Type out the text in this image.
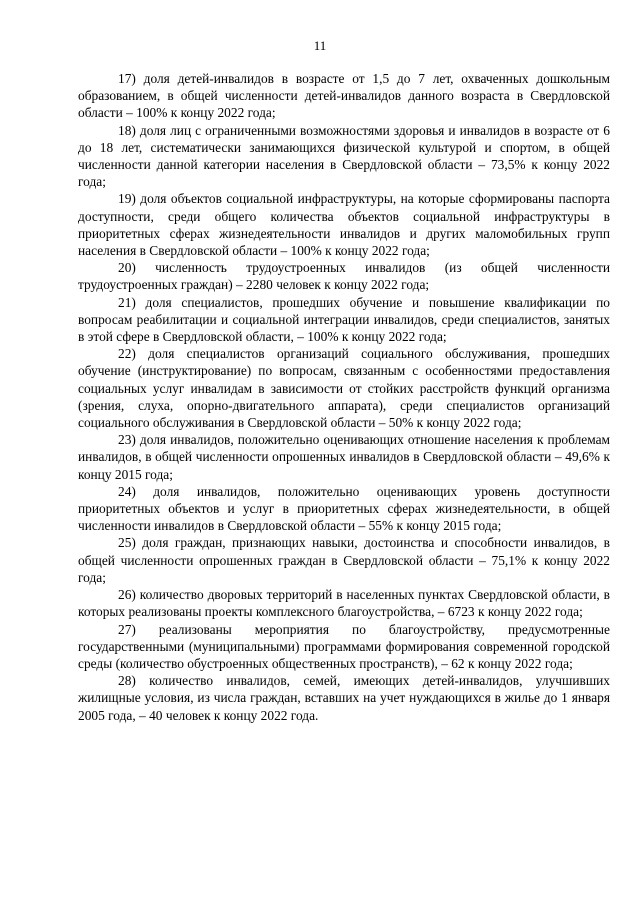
11

17) доля детей-инвалидов в возрасте от 1,5 до 7 лет, охваченных дошкольным образованием, в общей численности детей-инвалидов данного возраста в Свердловской области – 100% к концу 2022 года;

18) доля лиц с ограниченными возможностями здоровья и инвалидов в возрасте от 6 до 18 лет, систематически занимающихся физической культурой и спортом, в общей численности данной категории населения в Свердловской области – 73,5% к концу 2022 года;

19) доля объектов социальной инфраструктуры, на которые сформированы паспорта доступности, среди общего количества объектов социальной инфраструктуры в приоритетных сферах жизнедеятельности инвалидов и других маломобильных групп населения в Свердловской области – 100% к концу 2022 года;

20) численность трудоустроенных инвалидов (из общей численности трудоустроенных граждан) – 2280 человек к концу 2022 года;

21) доля специалистов, прошедших обучение и повышение квалификации по вопросам реабилитации и социальной интеграции инвалидов, среди специалистов, занятых в этой сфере в Свердловской области, – 100% к концу 2022 года;

22) доля специалистов организаций социального обслуживания, прошедших обучение (инструктирование) по вопросам, связанным с особенностями предоставления социальных услуг инвалидам в зависимости от стойких расстройств функций организма (зрения, слуха, опорно-двигательного аппарата), среди специалистов организаций социального обслуживания в Свердловской области – 50% к концу 2022 года;

23) доля инвалидов, положительно оценивающих отношение населения к проблемам инвалидов, в общей численности опрошенных инвалидов в Свердловской области – 49,6% к концу 2015 года;

24) доля инвалидов, положительно оценивающих уровень доступности приоритетных объектов и услуг в приоритетных сферах жизнедеятельности, в общей численности инвалидов в Свердловской области – 55% к концу 2015 года;

25) доля граждан, признающих навыки, достоинства и способности инвалидов, в общей численности опрошенных граждан в Свердловской области – 75,1% к концу 2022 года;

26) количество дворовых территорий в населенных пунктах Свердловской области, в которых реализованы проекты комплексного благоустройства, – 6723 к концу 2022 года;

27) реализованы мероприятия по благоустройству, предусмотренные государственными (муниципальными) программами формирования современной городской среды (количество обустроенных общественных пространств), – 62 к концу 2022 года;

28) количество инвалидов, семей, имеющих детей-инвалидов, улучшивших жилищные условия, из числа граждан, вставших на учет нуждающихся в жилье до 1 января 2005 года, – 40 человек к концу 2022 года.
